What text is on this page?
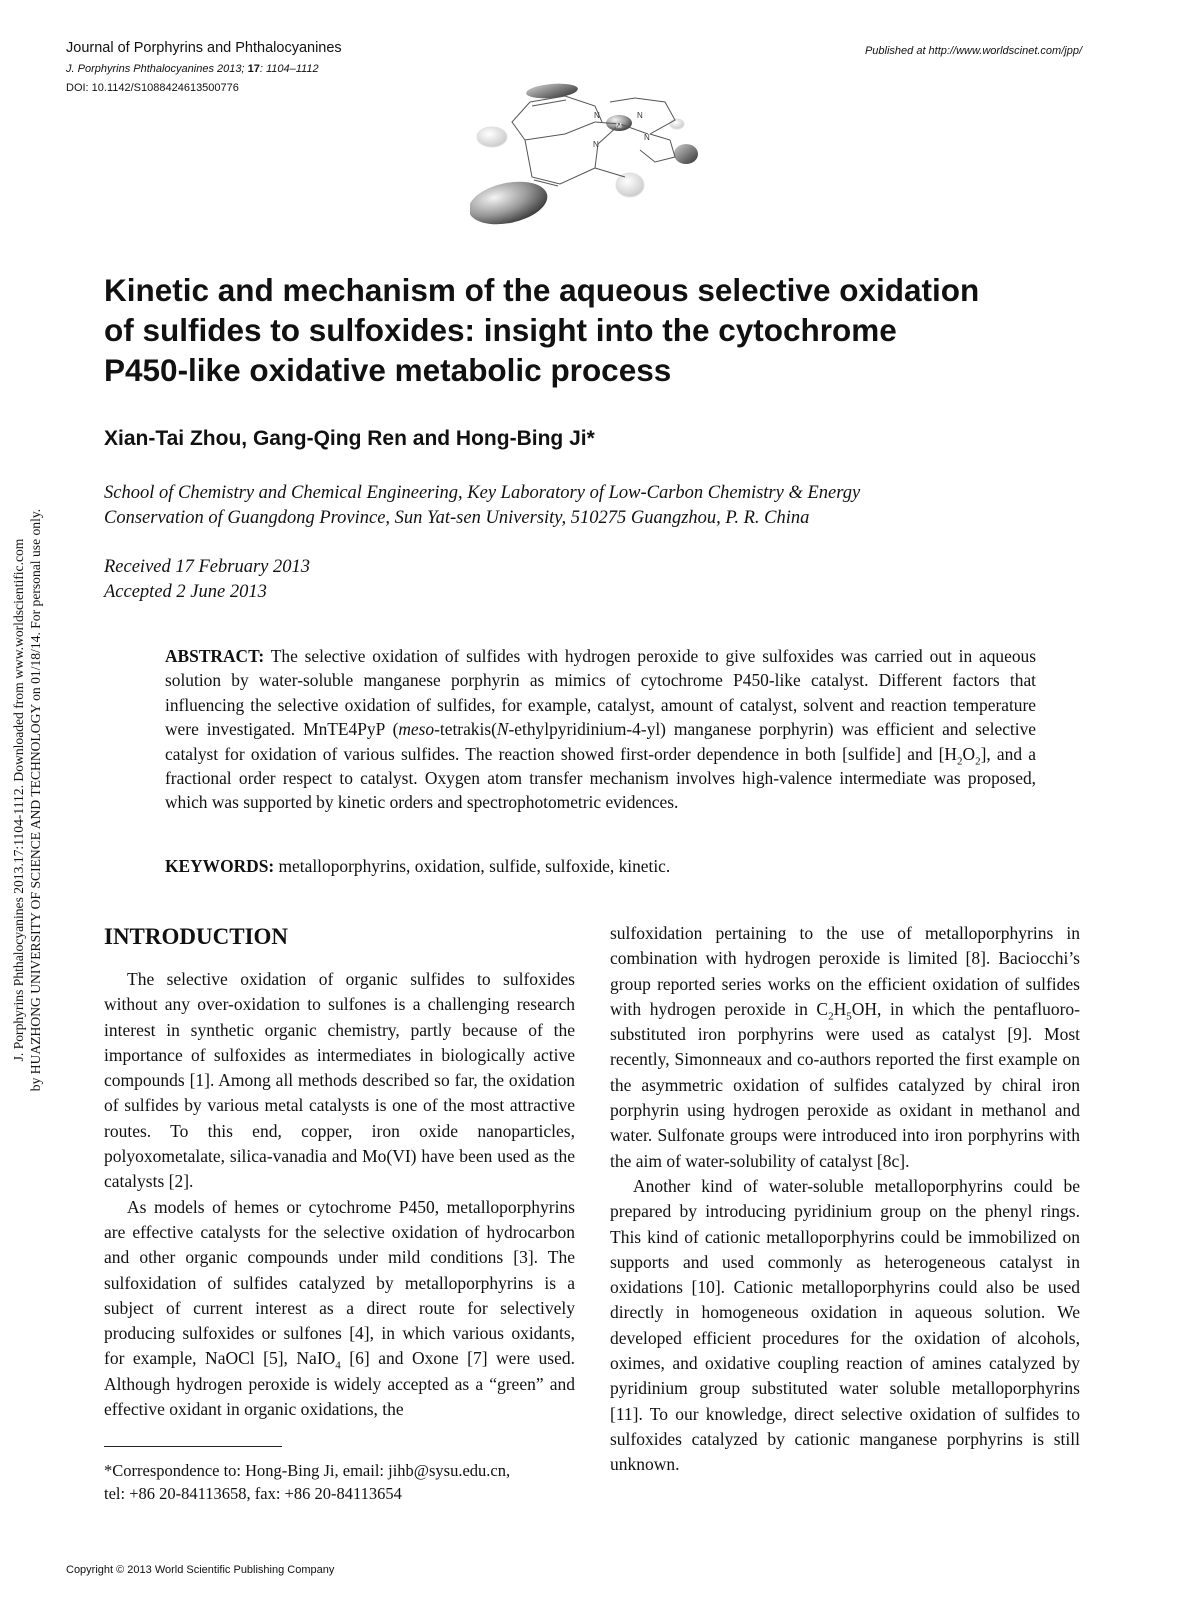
J. Porphyrins Phthalocyanines 2013.17:1104-1112. Downloaded from www.worldscientific.com by HUAZHONG UNIVERSITY OF SCIENCE AND TECHNOLOGY on 01/18/14. For personal use only.
Journal of Porphyrins and Phthalocyanines
J. Porphyrins Phthalocyanines 2013; 17: 1104–1112
DOI: 10.1142/S1088424613500776
Published at http://www.worldscinet.com/jpp/
N	N
N
N
M
Kinetic and mechanism of the aqueous selective oxidation
of sulfides to sulfoxides: insight into the cytochrome
P450-like oxidative metabolic process
Xian-Tai Zhou, Gang-Qing Ren and Hong-Bing Ji*
School of Chemistry and Chemical Engineering, Key Laboratory of Low-Carbon Chemistry & Energy
Conservation of Guangdong Province, Sun Yat-sen University, 510275 Guangzhou, P. R. China
Received 17 February 2013
Accepted 2 June 2013

ABSTRACT: The selective oxidation of sulfides with hydrogen peroxide to give sulfoxides was carried out in aqueous solution by water-soluble manganese porphyrin as mimics of cytochrome P450-like catalyst. Different factors that influencing the selective oxidation of sulfides, for example, catalyst, amount of catalyst, solvent and reaction temperature were investigated. MnTE4PyP (meso-tetrakis(N-ethylpyridinium-4-yl) manganese porphyrin) was efficient and selective catalyst for oxidation of various sulfides. The reaction showed first-order dependence in both [sulfide] and $[H_2O_2]$, and a fractional order respect to catalyst. Oxygen atom transfer mechanism involves high-valence intermediate was proposed, which was supported by kinetic orders and spectrophotometric evidences.

KEYWORDS: metalloporphyrins, oxidation, sulfide, sulfoxide, kinetic.

INTRODUCTION

The selective oxidation of organic sulfides to sulfoxides without any over-oxidation to sulfones is a challenging research interest in synthetic organic chemistry, partly because of the importance of sulfoxides as intermediates in biologically active compounds [1]. Among all methods described so far, the oxidation of sulfides by various metal catalysts is one of the most attractive routes. To this end, copper, iron oxide nanoparticles, polyoxometalate, silica-vanadia and Mo(VI) have been used as the catalysts [2].

As models of hemes or cytochrome P450, metalloporphyrins are effective catalysts for the selective oxidation of hydrocarbon and other organic compounds under mild conditions [3]. The sulfoxidation of sulfides catalyzed by metalloporphyrins is a subject of current interest as a direct route for selectively producing sulfoxides or sulfones [4], in which various oxidants, for example, NaOCl [5], NaIO$_4$ [6] and Oxone [7] were used. Although hydrogen peroxide is widely accepted as a “green” and effective oxidant in organic oxidations, the

sulfoxidation pertaining to the use of metalloporphyrins in combination with hydrogen peroxide is limited [8]. Baciocchi’s group reported series works on the efficient oxidation of sulfides with hydrogen peroxide in $C_2H_5OH$, in which the pentafluoro-substituted iron porphyrins were used as catalyst [9]. Most recently, Simonneaux and co-authors reported the first example on the asymmetric oxidation of sulfides catalyzed by chiral iron porphyrin using hydrogen peroxide as oxidant in methanol and water. Sulfonate groups were introduced into iron porphyrins with the aim of water-solubility of catalyst [8c].

Another kind of water-soluble metalloporphyrins could be prepared by introducing pyridinium group on the phenyl rings. This kind of cationic metalloporphyrins could be immobilized on supports and used commonly as heterogeneous catalyst in oxidations [10]. Cationic metalloporphyrins could also be used directly in homogeneous oxidation in aqueous solution. We developed efficient procedures for the oxidation of alcohols, oximes, and oxidative coupling reaction of amines catalyzed by pyridinium group substituted water soluble metalloporphyrins [11]. To our knowledge, direct selective oxidation of sulfides to sulfoxides catalyzed by cationic manganese porphyrins is still unknown.

*Correspondence to: Hong-Bing Ji, email: jihb@sysu.edu.cn,
tel: +86 20-84113658, fax: +86 20-84113654
Copyright © 2013 World Scientific Publishing Company
